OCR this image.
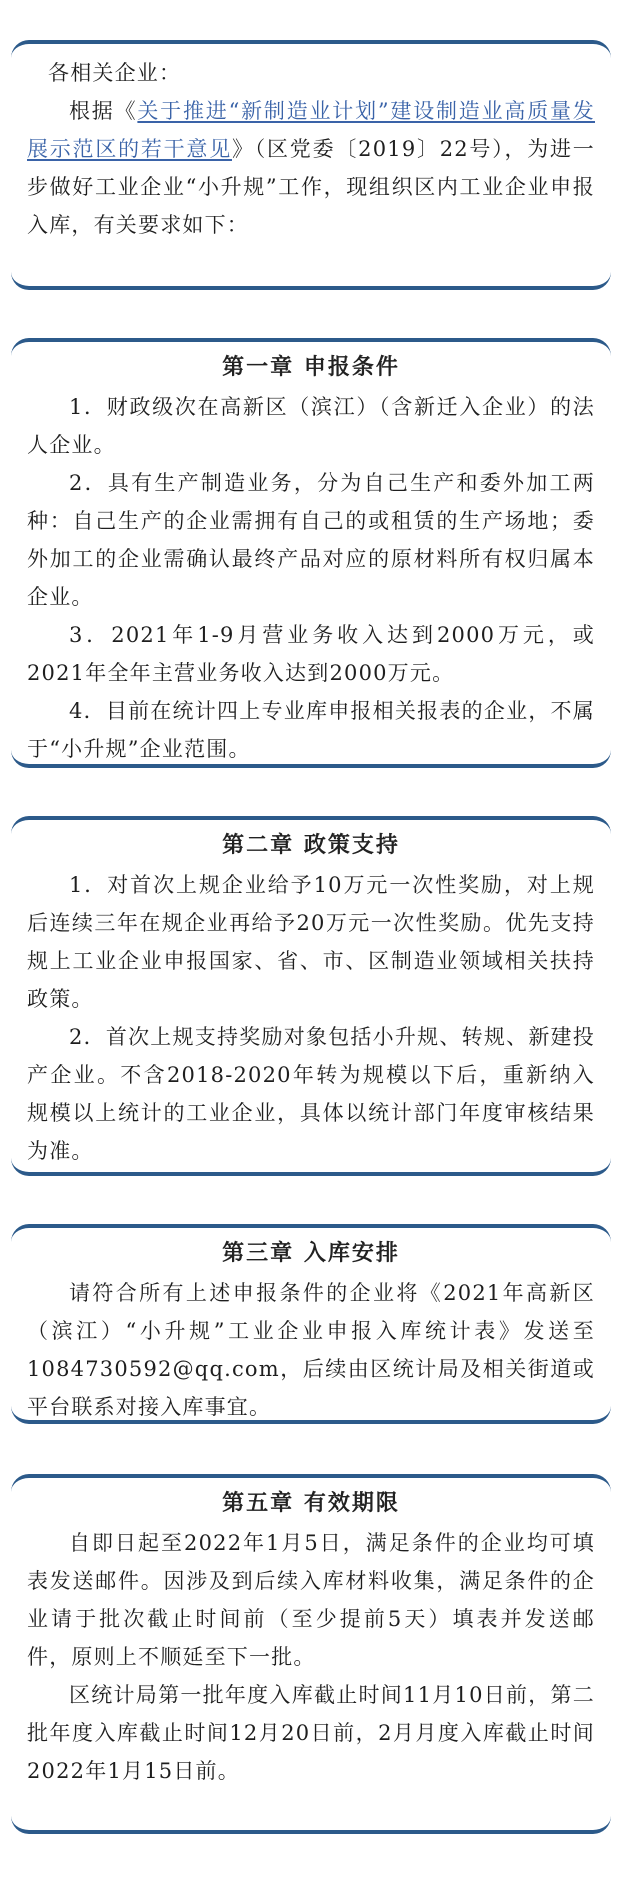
各相关企业：

根据《关于推进“新制造业计划”建设制造业高质量发展示范区的若干意见》（区党委〔2019〕22号），为进一步做好工业企业“小升规”工作，现组织区内工业企业申报入库，有关要求如下：

第一章 申报条件

1．财政级次在高新区（滨江）（含新迁入企业）的法人企业。

2．具有生产制造业务，分为自己生产和委外加工两种：自己生产的企业需拥有自己的或租赁的生产场地；委外加工的企业需确认最终产品对应的原材料所有权归属本企业。

3．2021年1-9月营业务收入达到2000万元，或2021年全年主营业务收入达到2000万元。

4．目前在统计四上专业库申报相关报表的企业，不属于“小升规”企业范围。

第二章 政策支持

1．对首次上规企业给予10万元一次性奖励，对上规后连续三年在规企业再给予20万元一次性奖励。优先支持规上工业企业申报国家、省、市、区制造业领域相关扶持政策。

2．首次上规支持奖励对象包括小升规、转规、新建投产企业。不含2018-2020年转为规模以下后，重新纳入规模以上统计的工业企业，具体以统计部门年度审核结果为准。

第三章 入库安排

请符合所有上述申报条件的企业将《2021年高新区（滨江）“小升规”工业企业申报入库统计表》发送至1084730592@qq.com，后续由区统计局及相关街道或平台联系对接入库事宜。

第五章 有效期限

自即日起至2022年1月5日，满足条件的企业均可填表发送邮件。因涉及到后续入库材料收集，满足条件的企业请于批次截止时间前（至少提前5天）填表并发送邮件，原则上不顺延至下一批。

区统计局第一批年度入库截止时间11月10日前，第二批年度入库截止时间12月20日前，2月月度入库截止时间2022年1月15日前。
